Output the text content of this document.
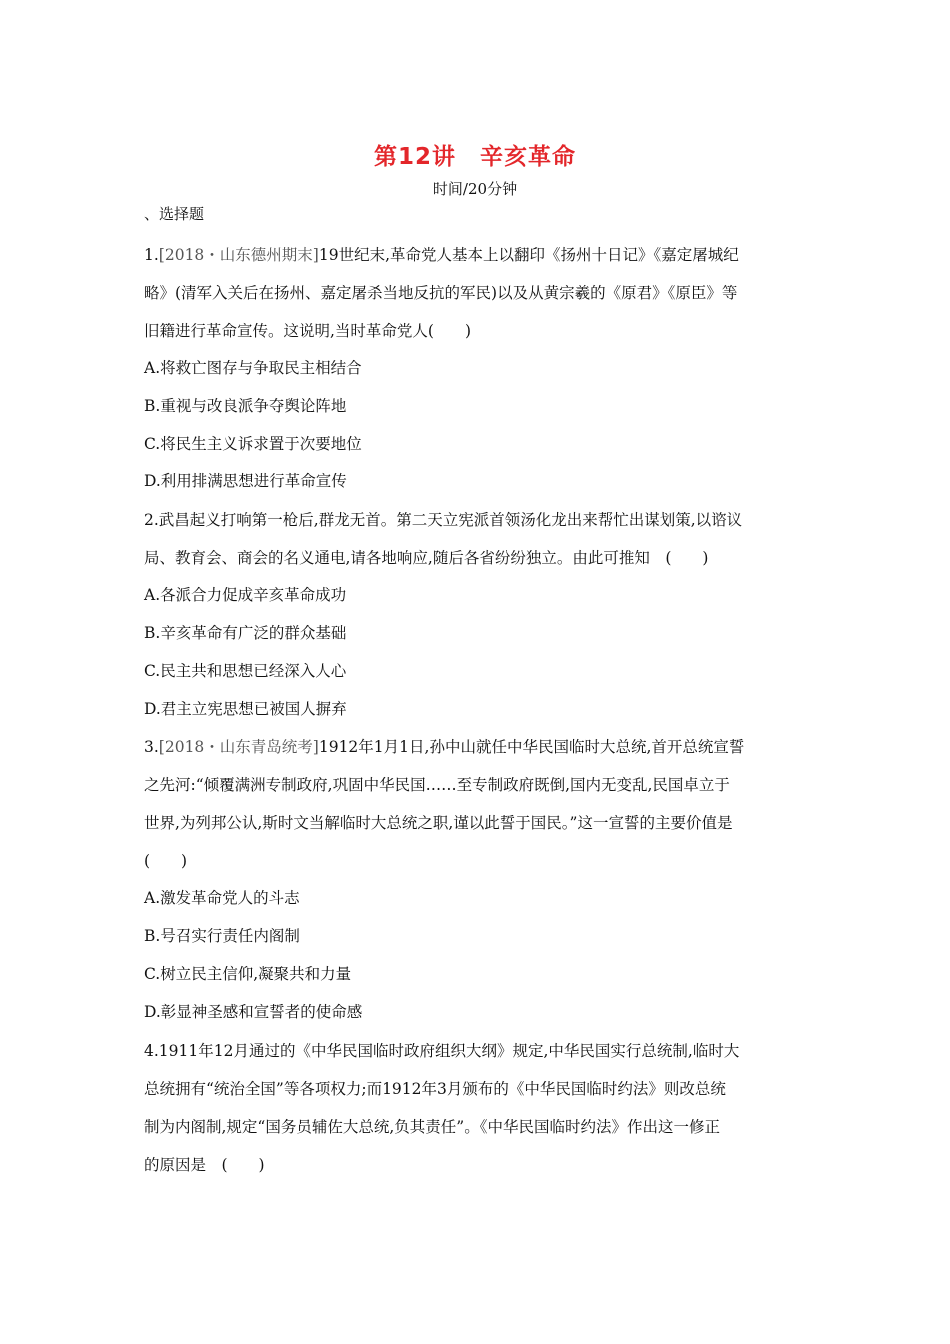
第12讲　辛亥革命
时间/20分钟
、选择题
1.[2018・山东德州期末]19世纪末,革命党人基本上以翻印《扬州十日记》《嘉定屠城纪
略》(清军入关后在扬州、嘉定屠杀当地反抗的军民)以及从黄宗羲的《原君》《原臣》等
旧籍进行革命宣传。这说明,当时革命党人(　　)
A.将救亡图存与争取民主相结合
B.重视与改良派争夺舆论阵地
C.将民生主义诉求置于次要地位
D.利用排满思想进行革命宣传
2.武昌起义打响第一枪后,群龙无首。第二天立宪派首领汤化龙出来帮忙出谋划策,以谘议
局、教育会、商会的名义通电,请各地响应,随后各省纷纷独立。由此可推知　(　　)
A.各派合力促成辛亥革命成功
B.辛亥革命有广泛的群众基础
C.民主共和思想已经深入人心
D.君主立宪思想已被国人摒弃
3.[2018・山东青岛统考]1912年1月1日,孙中山就任中华民国临时大总统,首开总统宣誓
之先河:“倾覆满洲专制政府,巩固中华民国……至专制政府既倒,国内无变乱,民国卓立于
世界,为列邦公认,斯时文当解临时大总统之职,谨以此誓于国民。”这一宣誓的主要价值是
(　　)
A.激发革命党人的斗志
B.号召实行责任内阁制
C.树立民主信仰,凝聚共和力量
D.彰显神圣感和宣誓者的使命感
4.1911年12月通过的《中华民国临时政府组织大纲》规定,中华民国实行总统制,临时大
总统拥有“统治全国”等各项权力;而1912年3月颁布的《中华民国临时约法》则改总统
制为内阁制,规定“国务员辅佐大总统,负其责任”。《中华民国临时约法》作出这一修正
的原因是　(　　)
